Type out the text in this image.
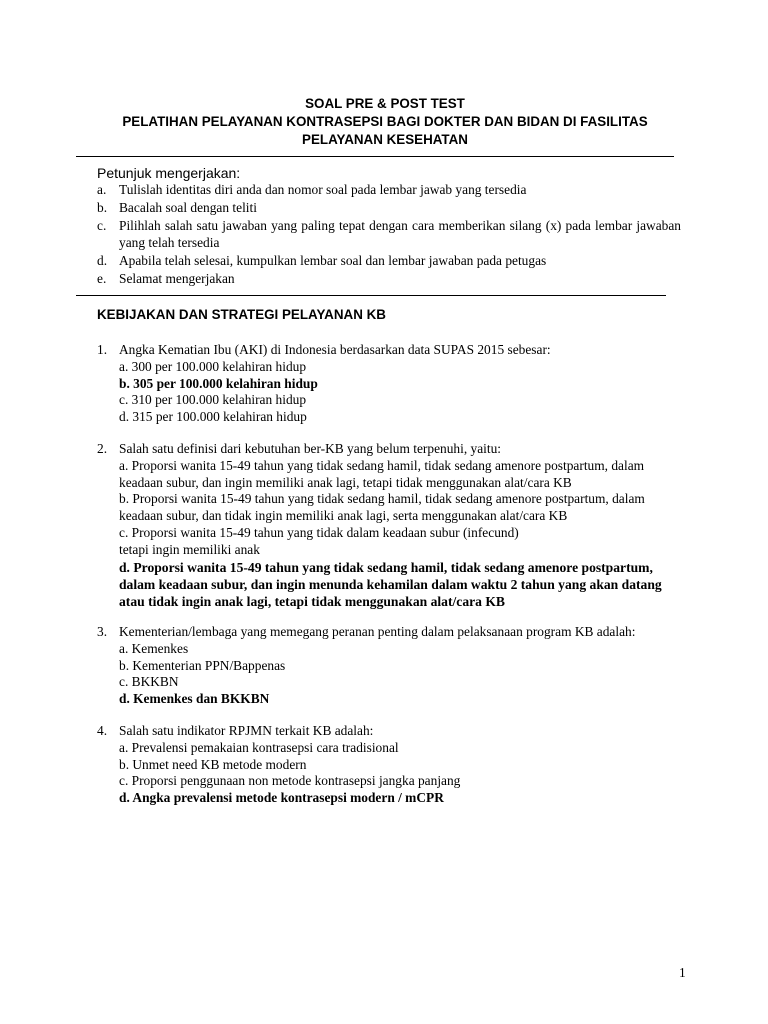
SOAL PRE & POST TEST
PELATIHAN PELAYANAN KONTRASEPSI BAGI DOKTER DAN BIDAN DI FASILITAS
PELAYANAN KESEHATAN
Petunjuk mengerjakan:
a. Tulislah identitas diri anda dan nomor soal pada lembar jawab yang tersedia
b. Bacalah soal dengan teliti
c. Pilihlah salah satu jawaban yang paling tepat dengan cara memberikan silang (x) pada lembar jawaban yang telah tersedia
d. Apabila telah selesai, kumpulkan lembar soal dan lembar jawaban pada petugas
e. Selamat mengerjakan
KEBIJAKAN DAN STRATEGI PELAYANAN KB
1. Angka Kematian Ibu (AKI) di Indonesia berdasarkan data SUPAS 2015 sebesar:
a. 300 per 100.000 kelahiran hidup
b. 305 per 100.000 kelahiran hidup
c. 310 per 100.000 kelahiran hidup
d. 315 per 100.000 kelahiran hidup
2. Salah satu definisi dari kebutuhan ber-KB yang belum terpenuhi, yaitu:
a. Proporsi wanita 15-49 tahun yang tidak sedang hamil, tidak sedang amenore postpartum, dalam keadaan subur, dan ingin memiliki anak lagi, tetapi tidak menggunakan alat/cara KB
b. Proporsi wanita 15-49 tahun yang tidak sedang hamil, tidak sedang amenore postpartum, dalam keadaan subur, dan tidak ingin memiliki anak lagi, serta menggunakan alat/cara KB
c. Proporsi wanita 15-49 tahun yang tidak dalam keadaan subur (infecund) tetapi ingin memiliki anak
d. Proporsi wanita 15-49 tahun yang tidak sedang hamil, tidak sedang amenore postpartum, dalam keadaan subur, dan ingin menunda kehamilan dalam waktu 2 tahun yang akan datang atau tidak ingin anak lagi, tetapi tidak menggunakan alat/cara KB
3. Kementerian/lembaga yang memegang peranan penting dalam pelaksanaan program KB adalah:
a. Kemenkes
b. Kementerian PPN/Bappenas
c. BKKBN
d. Kemenkes dan BKKBN
4. Salah satu indikator RPJMN terkait KB adalah:
a. Prevalensi pemakaian kontrasepsi cara tradisional
b. Unmet need KB metode modern
c. Proporsi penggunaan non metode kontrasepsi jangka panjang
d. Angka prevalensi metode kontrasepsi modern / mCPR
1
